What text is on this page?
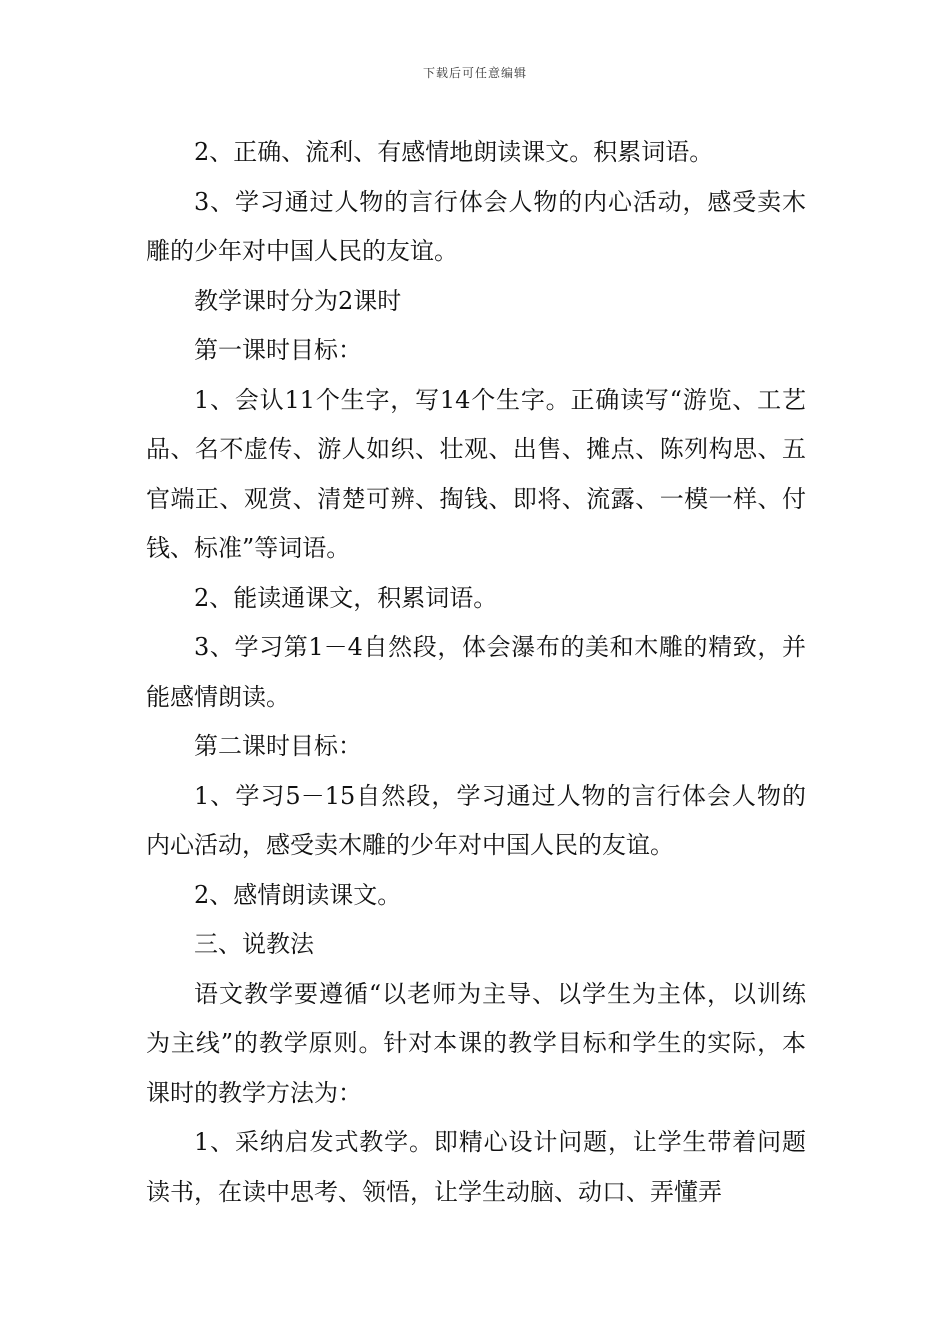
下载后可任意编辑

2、正确、流利、有感情地朗读课文。积累词语。

3、学习通过人物的言行体会人物的内心活动，感受卖木雕的少年对中国人民的友谊。

教学课时分为2课时

第一课时目标：

1、会认11个生字，写14个生字。正确读写“游览、工艺品、名不虚传、游人如织、壮观、出售、摊点、陈列构思、五官端正、观赏、清楚可辨、掏钱、即将、流露、一模一样、付钱、标准”等词语。

2、能读通课文，积累词语。

3、学习第1－4自然段，体会瀑布的美和木雕的精致，并能感情朗读。

第二课时目标：

1、学习5－15自然段，学习通过人物的言行体会人物的内心活动，感受卖木雕的少年对中国人民的友谊。

2、感情朗读课文。

三、说教法

语文教学要遵循“以老师为主导、以学生为主体，以训练为主线”的教学原则。针对本课的教学目标和学生的实际，本课时的教学方法为：

1、采纳启发式教学。即精心设计问题，让学生带着问题读书，在读中思考、领悟，让学生动脑、动口、弄懂弄
